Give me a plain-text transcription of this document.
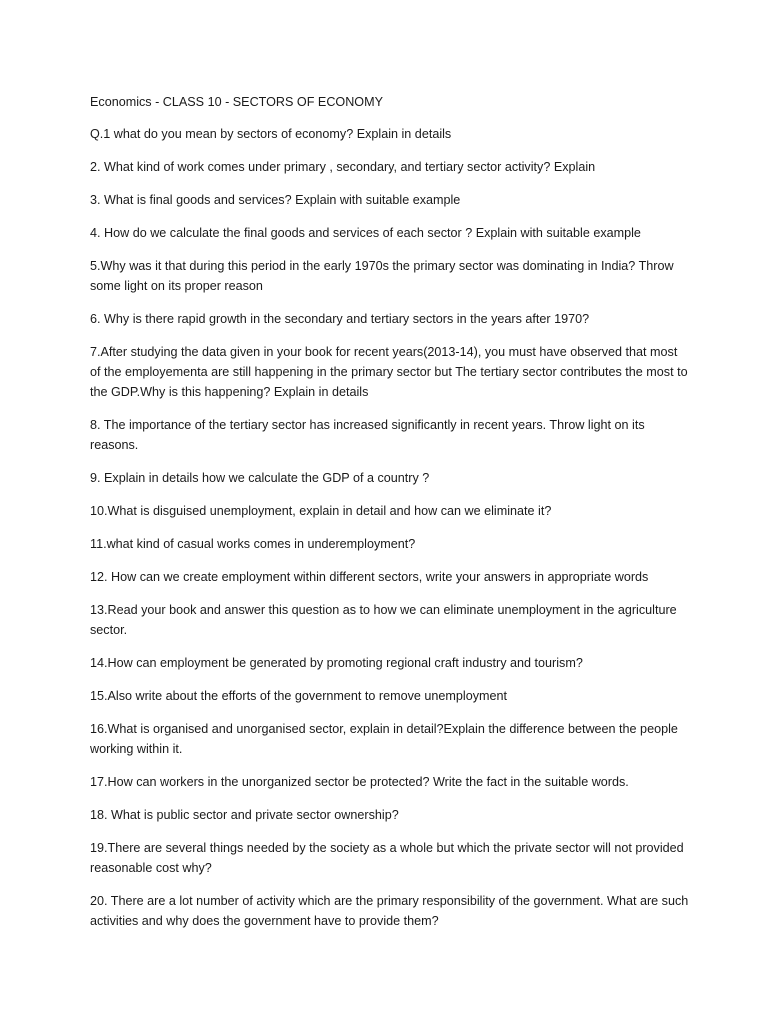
Economics - CLASS 10 - SECTORS OF ECONOMY

Q.1 what do you mean by sectors of economy? Explain in details

2. What kind of work comes under primary , secondary, and tertiary sector activity? Explain

3. What is final goods and services? Explain with suitable example

4. How do we calculate the final goods and services of each sector ? Explain with suitable example

5.Why was it that during this period in the early 1970s the primary sector was dominating in India? Throw some light on its proper reason

6. Why is there rapid growth in the secondary and tertiary sectors in the years after 1970?

7.After studying the data given in your book for recent years(2013-14), you must have observed that most of the employementa are still happening in the primary sector but The tertiary sector contributes the most to the GDP.Why is this happening? Explain in details

8. The importance of the tertiary sector has increased significantly in recent years. Throw light on its reasons.

9. Explain in details how we calculate the GDP of a country ?

10.What is disguised unemployment, explain in detail and how can we eliminate it?

11.what kind of casual works comes in underemployment?

12. How can we create employment within different sectors, write your answers in appropriate words

13.Read your book and answer this question as to how we can eliminate unemployment in the agriculture sector.

14.How can employment be generated by promoting regional craft industry and tourism?

15.Also write about the efforts of the government to remove unemployment

16.What is organised and unorganised sector, explain in detail?Explain the difference between the people working within it.

17.How can workers in the unorganized sector be protected? Write the fact in the suitable words.

18. What is public sector and private sector ownership?

19.There are several things needed by the society as a whole but which the private sector will not provided reasonable cost why?

20. There are a lot number of activity which are the primary responsibility of the government. What are such activities and why does the government have to provide them?
